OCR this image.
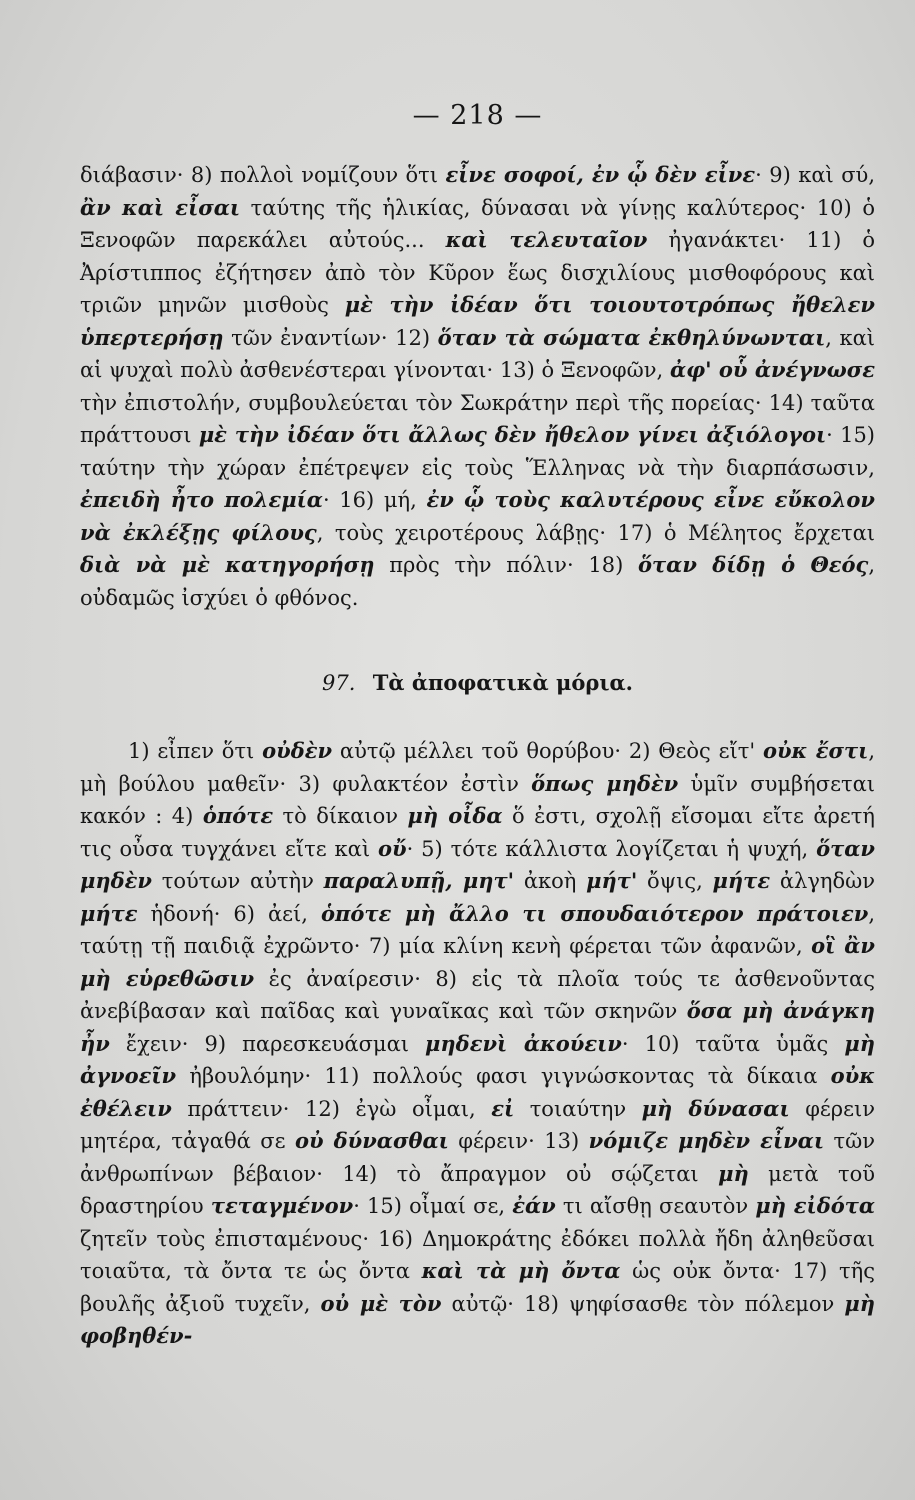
— 218 —

διάβασιν· 8) πολλοὶ νομίζουν ὅτι εἶνε σοφοί, ἐν ᾧ δὲν εἶνε· 9) καὶ σύ, ἂν καὶ εἶσαι ταύτης τῆς ἡλικίας, δύνασαι νὰ γίνῃς καλύτερος· 10) ὁ Ξενοφῶν παρεκάλει αὐτούς... καὶ τελευταῖον ἠγανάκτει· 11) ὁ Ἀρίστιππος ἐζήτησεν ἀπὸ τὸν Κῦρον ἕως δισχιλίους μισθοφόρους καὶ τριῶν μηνῶν μισθοὺς μὲ τὴν ἰδέαν ὅτι τοιουτοτρόπως ἤθελεν ὑπερτερήσῃ τῶν ἐναντίων· 12) ὅταν τὰ σώματα ἐκθηλύνωνται, καὶ αἱ ψυχαὶ πολὺ ἀσθενέστεραι γίνονται· 13) ὁ Ξενοφῶν, ἀφ' οὗ ἀνέγνωσε τὴν ἐπιστολήν, συμβουλεύεται τὸν Σωκράτην περὶ τῆς πορείας· 14) ταῦτα πράττουσι μὲ τὴν ἰδέαν ὅτι ἄλλως δὲν ἤθελον γίνει ἀξιόλογοι· 15) ταύτην τὴν χώραν ἐπέτρεψεν εἰς τοὺς Ἕλληνας νὰ τὴν διαρπάσωσιν, ἐπειδὴ ἦτο πολεμία· 16) μή, ἐν ᾧ τοὺς καλυτέρους εἶνε εὔκολον νὰ ἐκλέξῃς φίλους, τοὺς χειροτέρους λάβῃς· 17) ὁ Μέλητος ἔρχεται διὰ νὰ μὲ κατηγορήσῃ πρὸς τὴν πόλιν· 18) ὅταν δίδῃ ὁ Θεός, οὐδαμῶς ἰσχύει ὁ φθόνος.

97. Τὰ ἀποφατικὰ μόρια.

1) εἶπεν ὅτι οὐδὲν αὐτῷ μέλλει τοῦ θορύβου· 2) Θεὸς εἴτ' οὐκ ἔστι, μὴ βούλου μαθεῖν· 3) φυλακτέον ἐστὶν ὅπως μηδὲν ὑμῖν συμβήσεται κακόν : 4) ὁπότε τὸ δίκαιον μὴ οἶδα ὅ ἐστι, σχολῇ εἴσομαι εἴτε ἀρετή τις οὖσα τυγχάνει εἴτε καὶ οὔ· 5) τότε κάλλιστα λογίζεται ἡ ψυχή, ὅταν μηδὲν τούτων αὐτὴν παραλυπῇ, μητ' ἀκοὴ μήτ' ὄψις, μήτε ἀλγηδὼν μήτε ἡδονή· 6) ἀεί, ὁπότε μὴ ἄλλο τι σπουδαιότερον πράτοιεν, ταύτῃ τῇ παιδιᾷ ἐχρῶντο· 7) μία κλίνη κενὴ φέρεται τῶν ἀφανῶν, οἳ ἂν μὴ εὑρεθῶσιν ἐς ἀναίρεσιν· 8) εἰς τὰ πλοῖα τούς τε ἀσθενοῦντας ἀνεβίβασαν καὶ παῖδας καὶ γυναῖκας καὶ τῶν σκηνῶν ὅσα μὴ ἀνάγκη ἦν ἔχειν· 9) παρεσκευάσμαι μηδενὶ ἀκούειν· 10) ταῦτα ὑμᾶς μὴ ἀγνοεῖν ἠβουλόμην· 11) πολλούς φασι γιγνώσκοντας τὰ δίκαια οὐκ ἐθέλειν πράττειν· 12) ἐγὼ οἶμαι, εἰ τοιαύτην μὴ δύνασαι φέρειν μητέρα, τἀγαθά σε οὐ δύνασθαι φέρειν· 13) νόμιζε μηδὲν εἶναι τῶν ἀνθρωπίνων βέβαιον· 14) τὸ ἄπραγμον οὐ σῴζεται μὴ μετὰ τοῦ δραστηρίου τεταγμένον· 15) οἶμαί σε, ἐάν τι αἴσθῃ σεαυτὸν μὴ εἰδότα ζητεῖν τοὺς ἐπισταμένους· 16) Δημοκράτης ἐδόκει πολλὰ ἤδη ἀληθεῦσαι τοιαῦτα, τὰ ὄντα τε ὡς ὄντα καὶ τὰ μὴ ὄντα ὡς οὐκ ὄντα· 17) τῆς βουλῆς ἀξιοῦ τυχεῖν, οὐ μὲ τὸν αὐτῷ· 18) ψηφίσασθε τὸν πόλεμον μὴ φοβηθέν-
